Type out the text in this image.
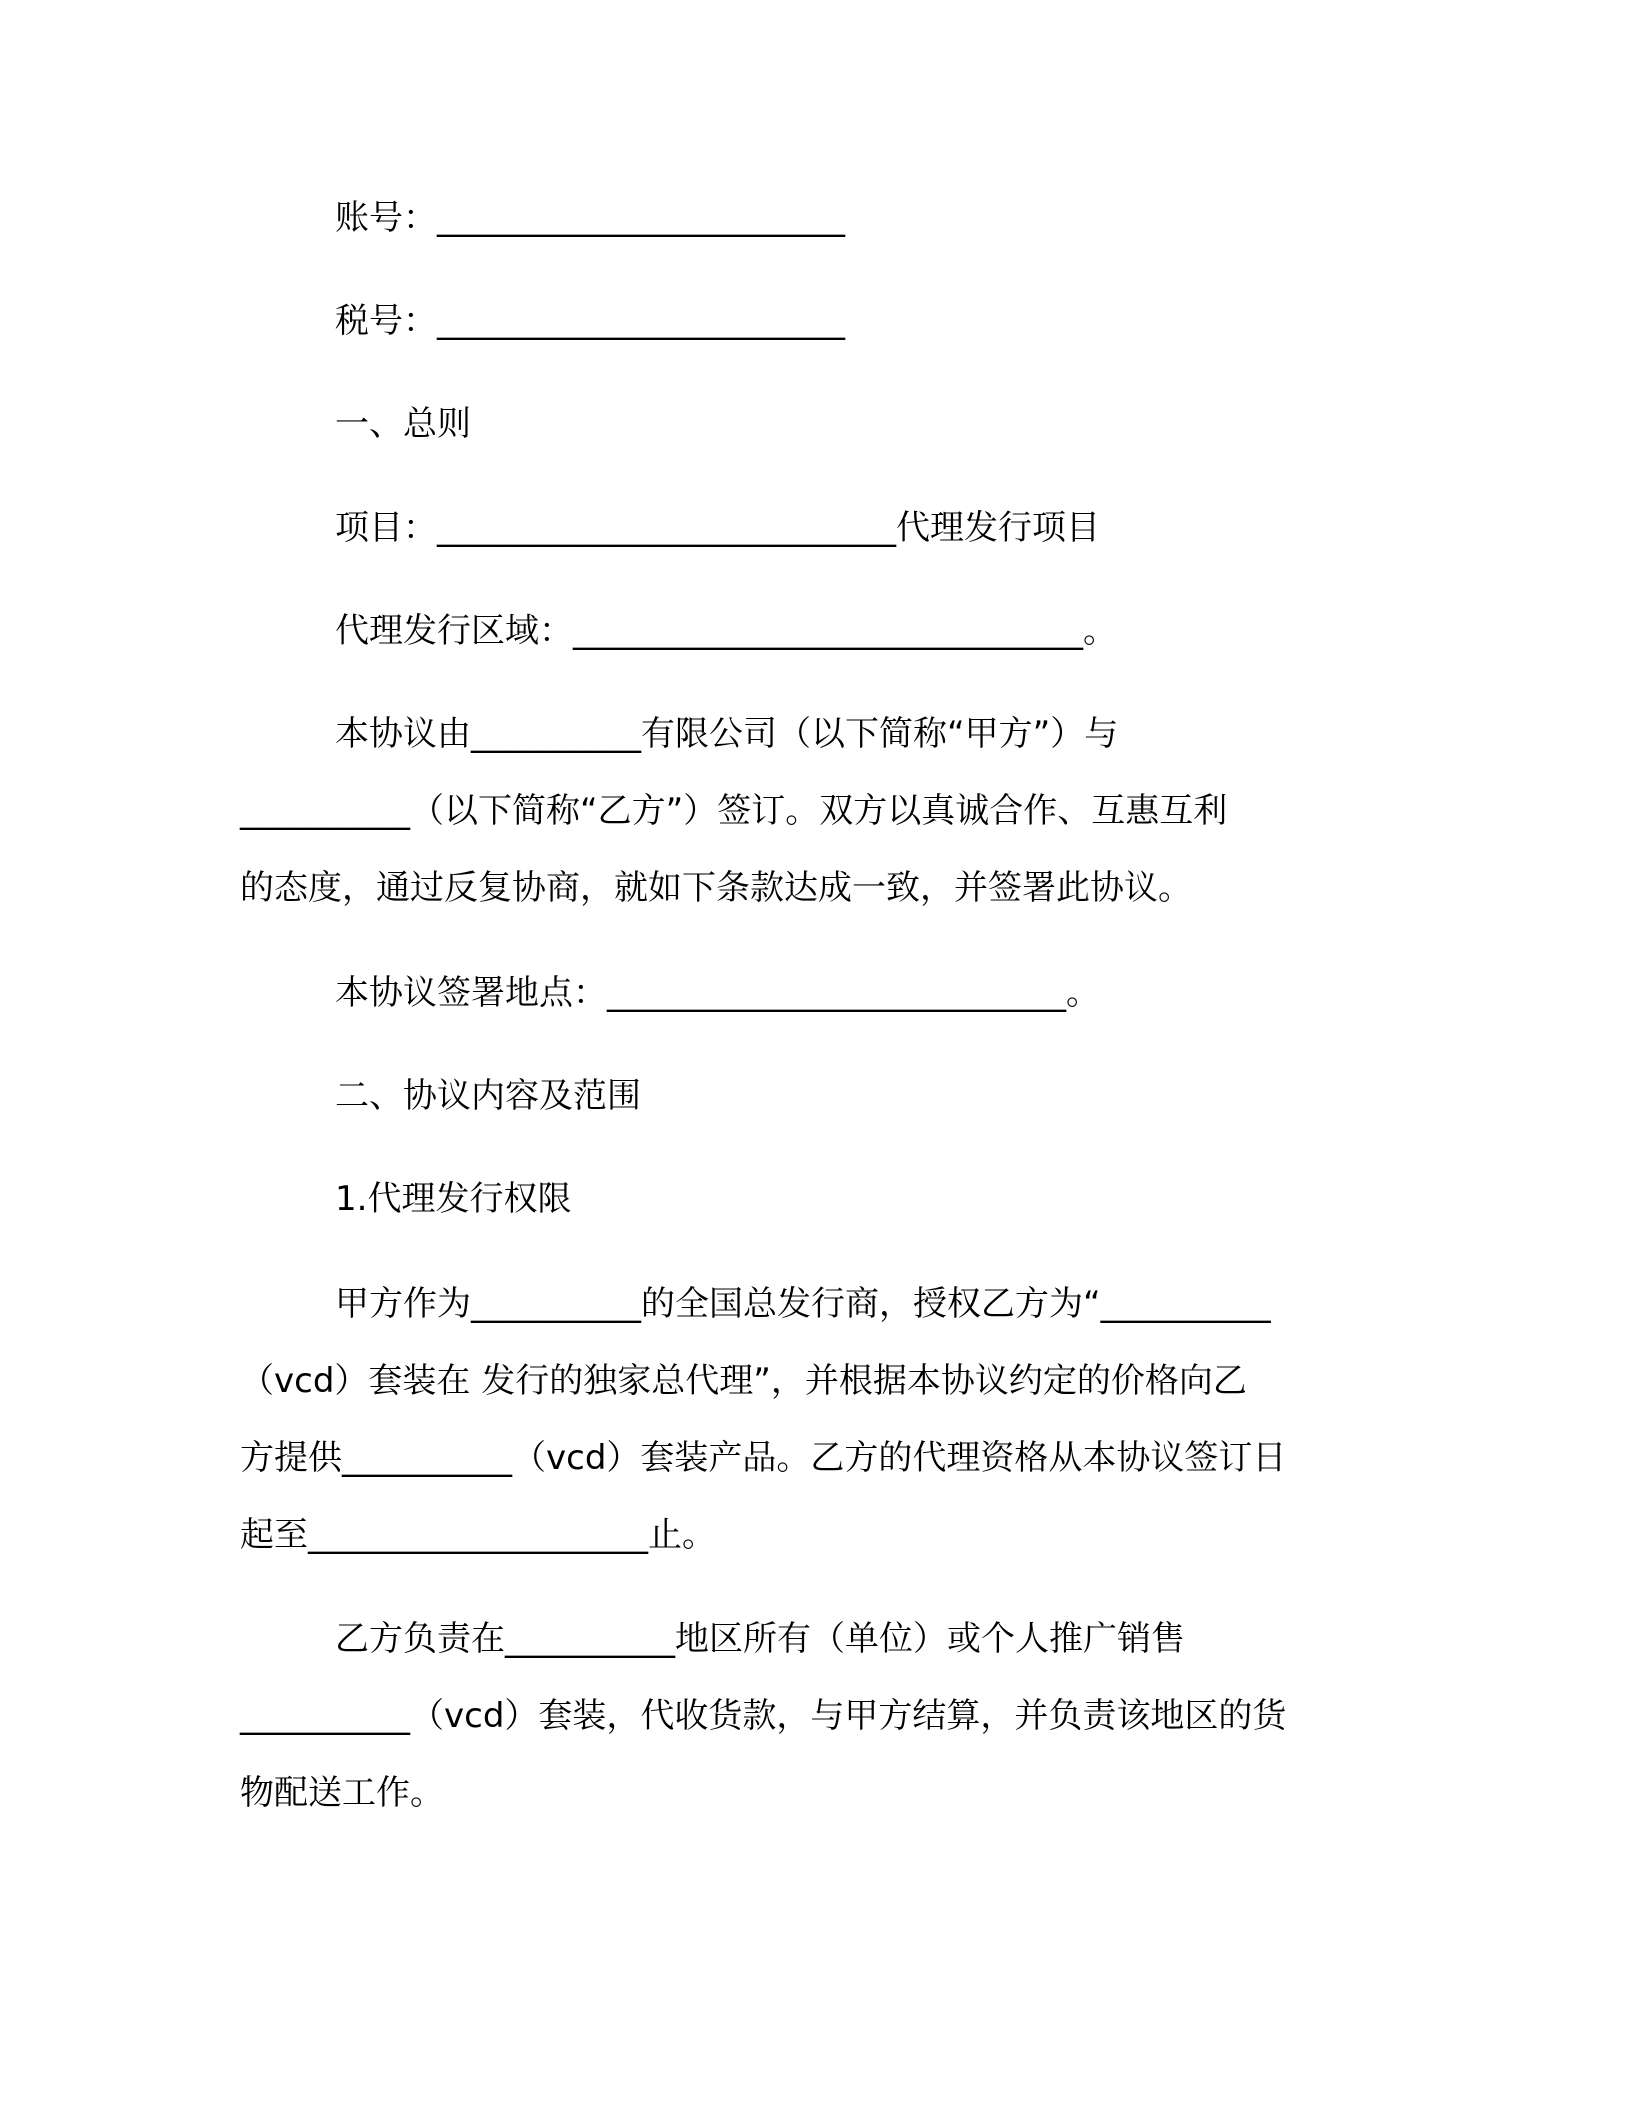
账号：________________________
税号：________________________
一、总则
项目：___________________________代理发行项目
代理发行区域：______________________________。
本协议由__________有限公司（以下简称“甲方”）与
__________（以下简称“乙方”）签订。双方以真诚合作、互惠互利
的态度，通过反复协商，就如下条款达成一致，并签署此协议。
本协议签署地点：___________________________。
二、协议内容及范围
1.代理发行权限
甲方作为__________的全国总发行商，授权乙方为“__________
（vcd）套装在 发行的独家总代理”，并根据本协议约定的价格向乙
方提供__________（vcd）套装产品。乙方的代理资格从本协议签订日
起至____________________止。
乙方负责在__________地区所有（单位）或个人推广销售
__________（vcd）套装，代收货款，与甲方结算，并负责该地区的货
物配送工作。
